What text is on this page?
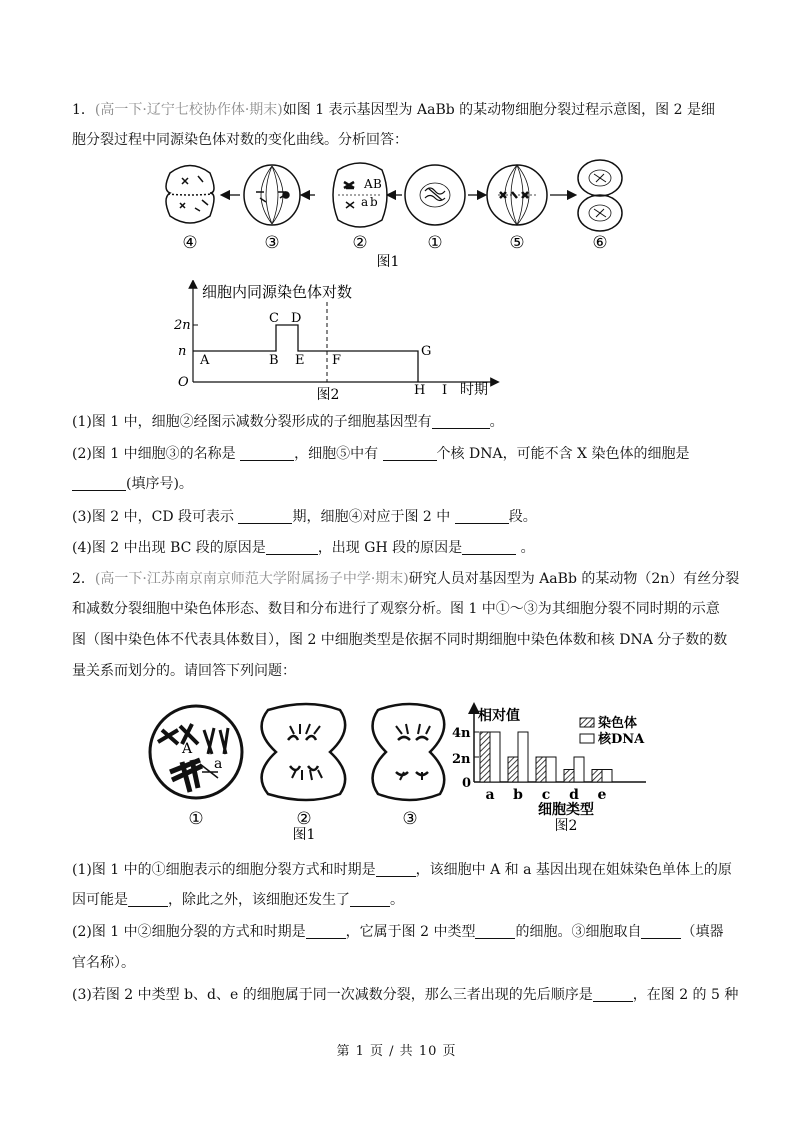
1．(高一下·辽宁七校协作体·期末)如图 1 表示基因型为 AaBb 的某动物细胞分裂过程示意图，图 2 是细
胞分裂过程中同源染色体对数的变化曲线。分析回答：
A B
a b
④	③	②	①	⑤	⑥
图1
细胞内同源染色体对数
2n
n
O
A	B
C D
E F
G
H I 时期
图2
(1)图 1 中，细胞②经图示减数分裂形成的子细胞基因型有	。
(2)图 1 中细胞③的名称是	，细胞⑤中有	个核 DNA，可能不含 X 染色体的细胞是
(填序号)。
(3)图 2 中，CD 段可表示	期，细胞④对应于图 2 中	段。
(4)图 2 中出现 BC 段的原因是	，出现 GH 段的原因是	。
2．(高一下·江苏南京南京师范大学附属扬子中学·期末)研究人员对基因型为 AaBb 的某动物（2n）有丝分裂
和减数分裂细胞中染色体形态、数目和分布进行了观察分析。图 1 中①～③为其细胞分裂不同时期的示意
图（图中染色体不代表具体数目），图 2 中细胞类型是依据不同时期细胞中染色体数和核 DNA 分子数的数
量关系而划分的。请回答下列问题：
A
a
①	②	③
图1
相对值
4n
2n
0
a b c d e
染色体
核DNA
细胞类型
图2
(1)图 1 中的①细胞表示的细胞分裂方式和时期是	，该细胞中 A 和 a 基因出现在姐妹染色单体上的原
因可能是	，除此之外，该细胞还发生了	。
(2)图 1 中②细胞分裂的方式和时期是	，它属于图 2 中类型	的细胞。③细胞取自	（填器
官名称）。
(3)若图 2 中类型 b、d、e 的细胞属于同一次减数分裂，那么三者出现的先后顺序是	，在图 2 的 5 种
第 1 页 / 共 10 页
